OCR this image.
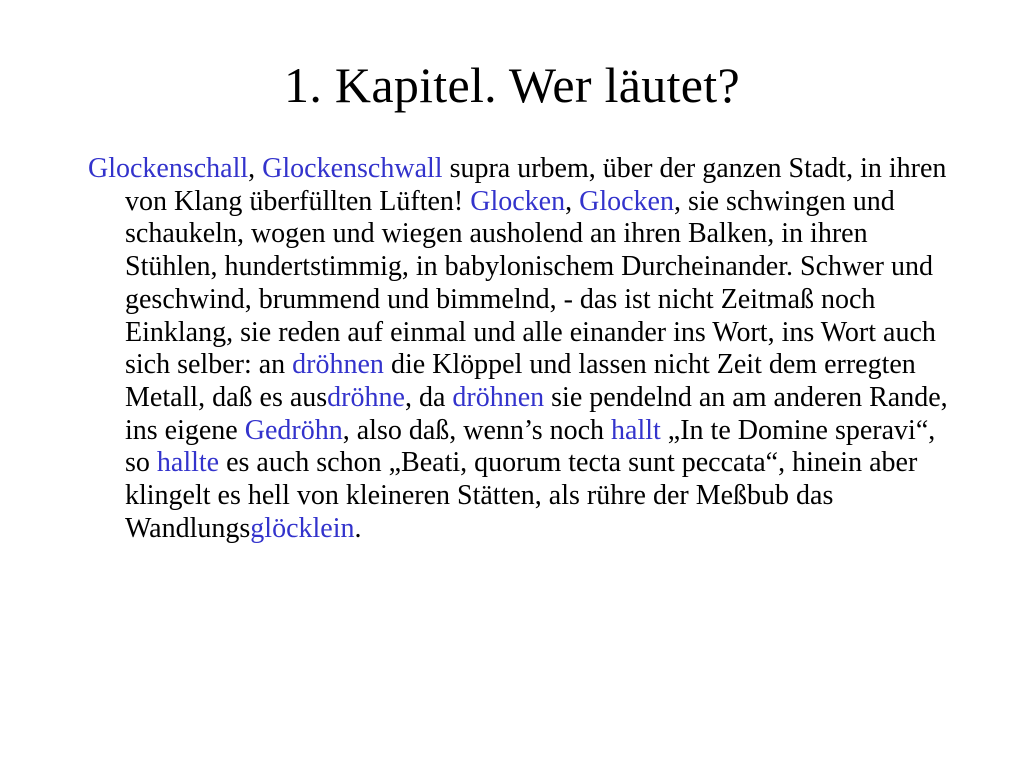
1. Kapitel. Wer läutet?

Glockenschall, Glockenschwall supra urbem, über der ganzen Stadt, in ihren von Klang überfüllten Lüften! Glocken, Glocken, sie schwingen und schaukeln, wogen und wiegen ausholend an ihren Balken, in ihren Stühlen, hundertstimmig, in babylonischem Durcheinander. Schwer und geschwind, brummend und bimmelnd, - das ist nicht Zeitmaß noch Einklang, sie reden auf einmal und alle einander ins Wort, ins Wort auch sich selber: an dröhnen die Klöppel und lassen nicht Zeit dem erregten Metall, daß es ausdröhne, da dröhnen sie pendelnd an am anderen Rande, ins eigene Gedröhn, also daß, wenn’s noch hallt „In te Domine speravi“, so hallte es auch schon „Beati, quorum tecta sunt peccata“, hinein aber klingelt es hell von kleineren Stätten, als rühre der Meßbub das Wandlungsglöcklein.
